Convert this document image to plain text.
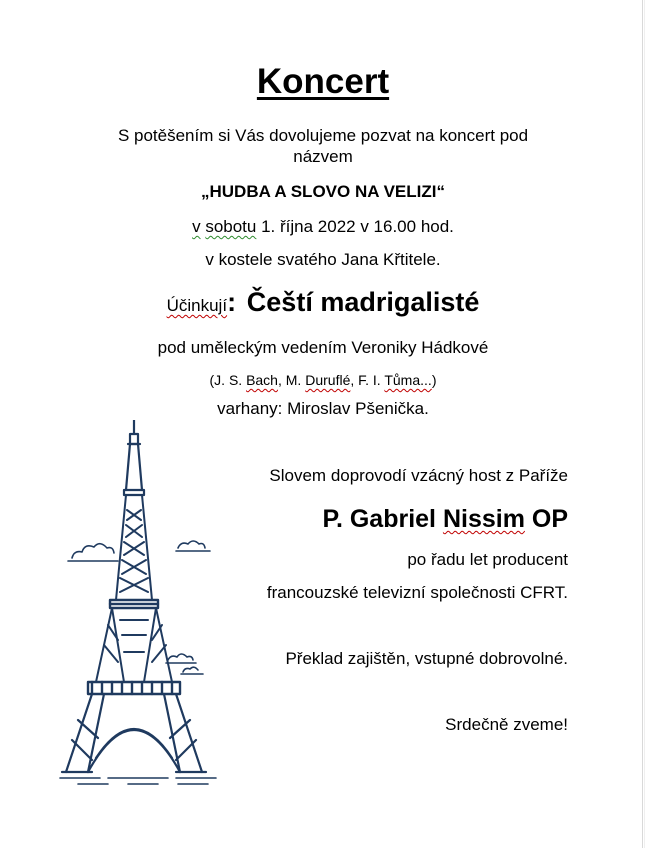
Koncert
S potěšením si Vás dovolujeme pozvat na koncert pod
názvem
„HUDBA A SLOVO NA VELIZI“
v sobotu 1. října 2022 v 16.00 hod.
v kostele svatého Jana Křtitele.
Účinkují: Čeští madrigalisté
pod uměleckým vedením Veroniky Hádkové
(J. S. Bach, M. Duruflé, F. I. Tůma...)
varhany: Miroslav Pšenička.
Slovem doprovodí vzácný host z Paříže
P. Gabriel Nissim OP
po řadu let producent
francouzské televizní společnosti CFRT.
Překlad zajištěn, vstupné dobrovolné.
Srdečně zveme!
